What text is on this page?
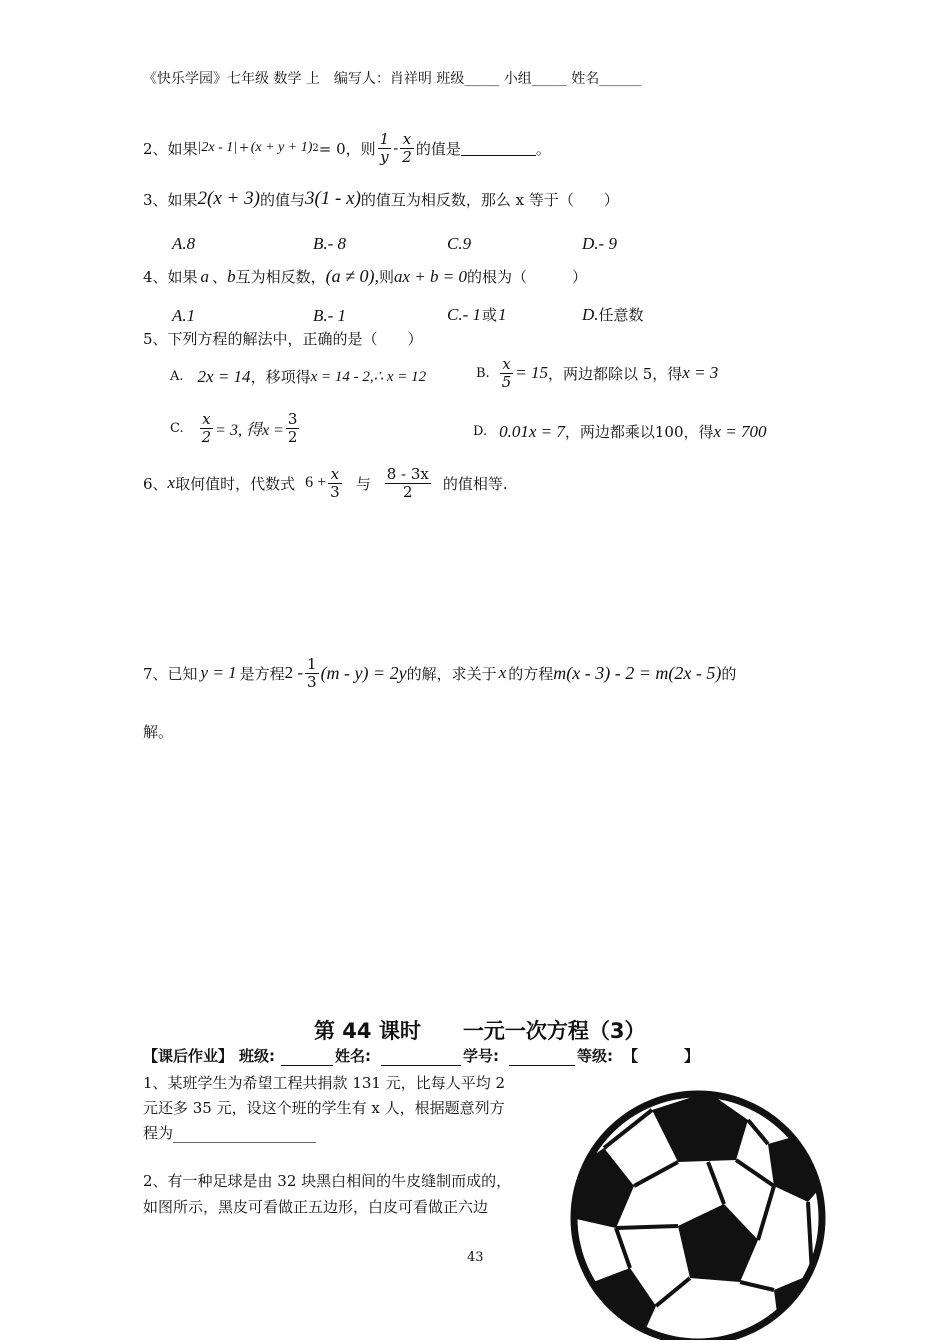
《快乐学园》七年级 数学 上　编写人：肖祥明 班级_____ 小组_____ 姓名______
2、如果 |2x - 1| + (x + y + 1) 2 = 0，则 $\frac{1}{y} - \frac{x}{2}$ 的值是	。
3、如果 2(x + 3) 的值与 3(1 - x) 的值互为相反数，那么 x 等于（　　）
A.8	B.- 8	C.9	D.- 9
4、如果 a 、 b 互为相反数， (a ≠ 0), 则 ax + b = 0 的根为（　　　）
A.1	B.- 1	C.- 1 或 1	D. 任意数
5、下列方程的解法中，正确的是（　　）
A. 2x = 14 ，移项得 x = 14 - 2,∴ x = 12	B. $\frac{x}{5} = 15$ ，两边都除以 5，得 x = 3
C. $\frac{x}{2} = 3$, 得$x = \frac{3}{2}$	D. 0.01x = 7 ，两边都乘以100，得 x = 700
6、 x 取何值时，代数式 $6 + \frac{x}{3}$ 与 $\frac{8 - 3x}{2}$ 的值相等.
7、已知 y = 1 是方程 $2 - \frac{1}{3} (m - y) = 2y$ 的解，求关于 x 的方程 m(x - 3) - 2 = m(2x - 5) 的
解。
第 44 课时　　一元一次方程（3）
【课后作业】 班级:	姓名:	学号:	等级: 【	】
1、某班学生为希望工程共捐款 131 元，比每人平均 2
元还多 35 元，设这个班的学生有 x 人，根据题意列方
程为
2、有一种足球是由 32 块黑白相间的牛皮缝制而成的，
如图所示，黑皮可看做正五边形，白皮可看做正六边
43
